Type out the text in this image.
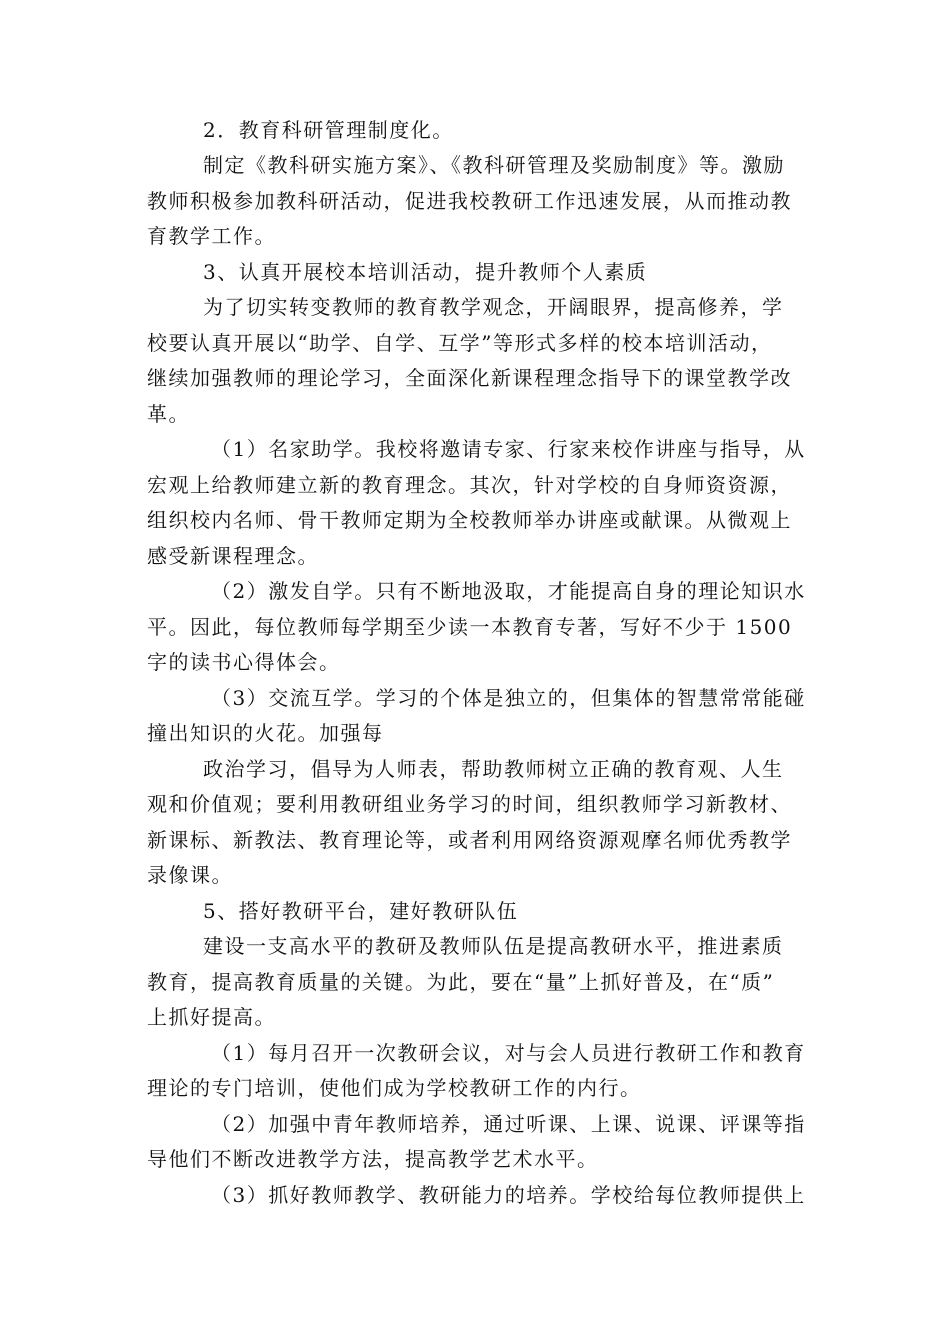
2．教育科研管理制度化。
制定《教科研实施方案》、《教科研管理及奖励制度》等。激励
教师积极参加教科研活动，促进我校教研工作迅速发展，从而推动教
育教学工作。
3、认真开展校本培训活动，提升教师个人素质
为了切实转变教师的教育教学观念，开阔眼界，提高修养，学
校要认真开展以“助学、自学、互学”等形式多样的校本培训活动，
继续加强教师的理论学习，全面深化新课程理念指导下的课堂教学改
革。
（1）名家助学。我校将邀请专家、行家来校作讲座与指导，从
宏观上给教师建立新的教育理念。其次，针对学校的自身师资资源，
组织校内名师、骨干教师定期为全校教师举办讲座或献课。从微观上
感受新课程理念。
（2）激发自学。只有不断地汲取，才能提高自身的理论知识水
平。因此，每位教师每学期至少读一本教育专著，写好不少于 1500
字的读书心得体会。
（3）交流互学。学习的个体是独立的，但集体的智慧常常能碰
撞出知识的火花。加强每
政治学习，倡导为人师表，帮助教师树立正确的教育观、人生
观和价值观；要利用教研组业务学习的时间，组织教师学习新教材、
新课标、新教法、教育理论等，或者利用网络资源观摩名师优秀教学
录像课。
5、搭好教研平台，建好教研队伍
建设一支高水平的教研及教师队伍是提高教研水平，推进素质
教育，提高教育质量的关键。为此，要在“量”上抓好普及，在“质”
上抓好提高。
（1）每月召开一次教研会议，对与会人员进行教研工作和教育
理论的专门培训，使他们成为学校教研工作的内行。
（2）加强中青年教师培养，通过听课、上课、说课、评课等指
导他们不断改进教学方法，提高教学艺术水平。
（3）抓好教师教学、教研能力的培养。学校给每位教师提供上
